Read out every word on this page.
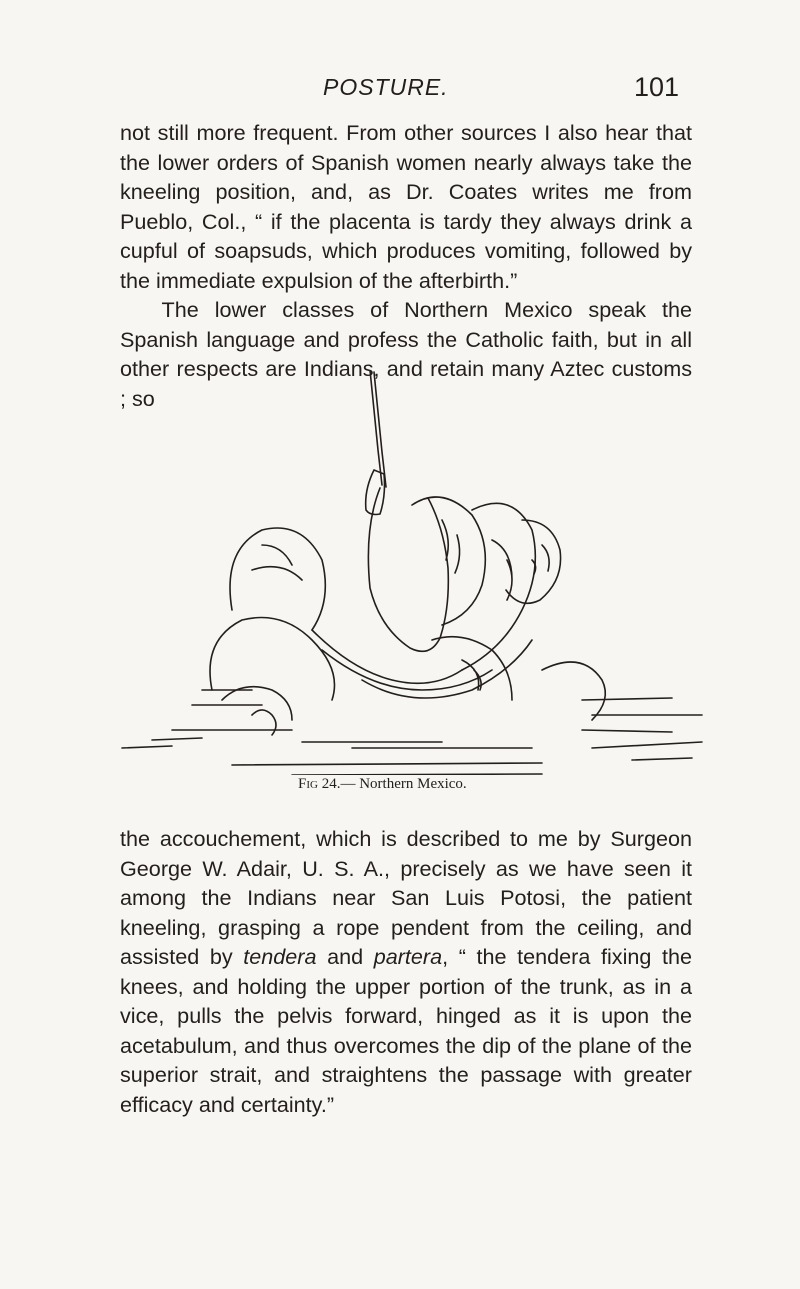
POSTURE.	101

not still more frequent. From other sources I also hear that the lower orders of Spanish women nearly always take the kneeling position, and, as Dr. Coates writes me from Pueblo, Col., “ if the placenta is tardy they always drink a cupful of soapsuds, which produces vomiting, followed by the immediate expulsion of the afterbirth.”
The lower classes of Northern Mexico speak the Spanish language and profess the Catholic faith, but in all other respects are Indians, and retain many Aztec customs ; so

Fig 24.— Northern Mexico.

the accouchement, which is described to me by Surgeon George W. Adair, U. S. A., precisely as we have seen it among the Indians near San Luis Potosi, the patient kneeling, grasping a rope pendent from the ceiling, and assisted by tendera and partera, “ the tendera fixing the knees, and holding the upper portion of the trunk, as in a vice, pulls the pelvis forward, hinged as it is upon the acetabulum, and thus overcomes the dip of the plane of the superior strait, and straightens the passage with greater efficacy and certainty.”
